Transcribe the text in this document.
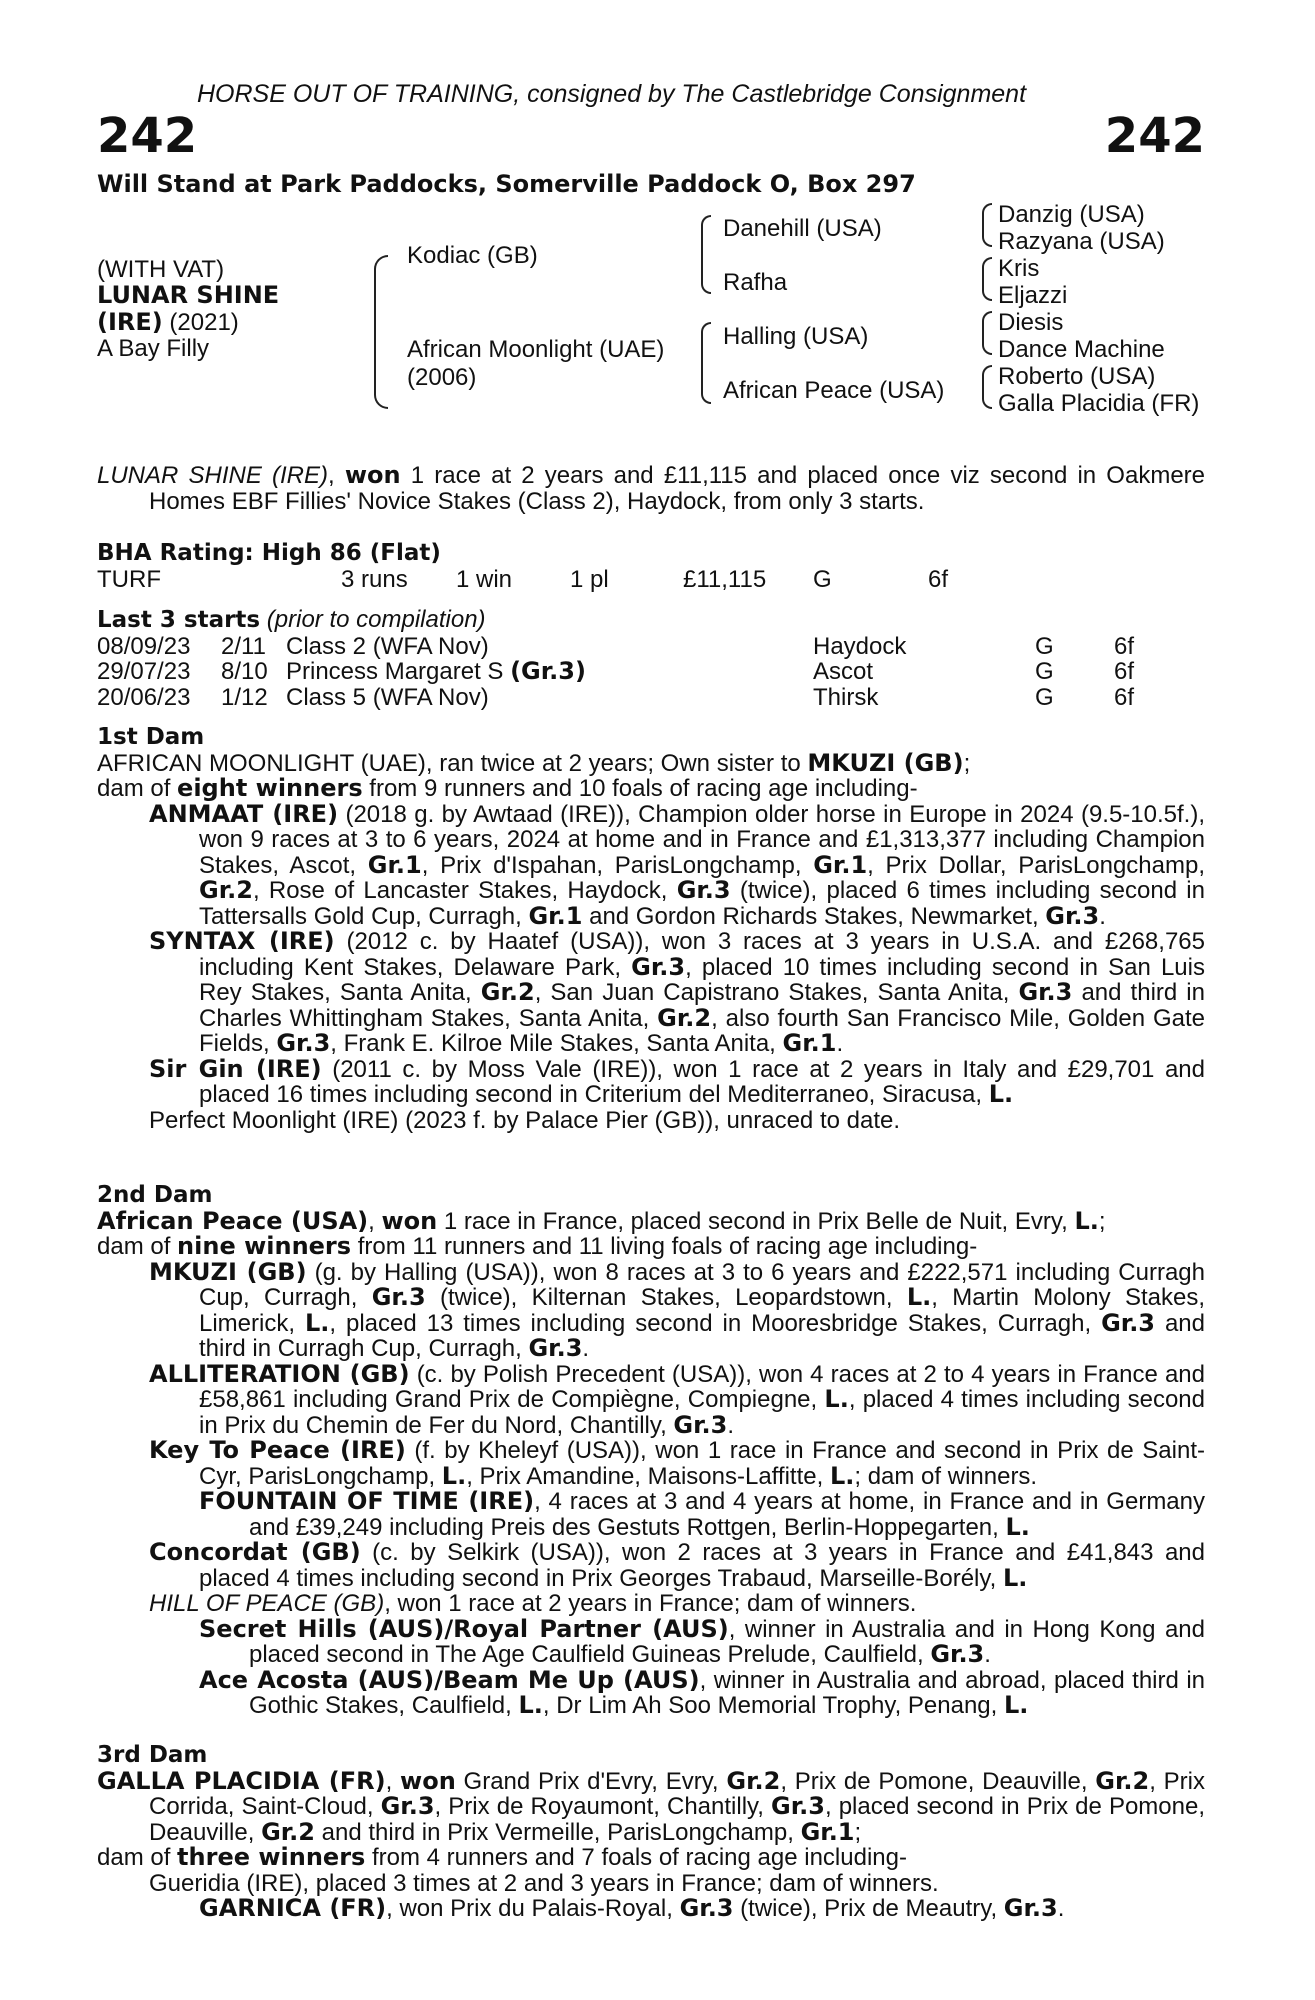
HORSE OUT OF TRAINING, consigned by The Castlebridge Consignment
242	242
Will Stand at Park Paddocks, Somerville Paddock O, Box 297
(WITH VAT)
LUNAR SHINE
(IRE) (2021)
A Bay Filly
Kodiac (GB)
African Moonlight (UAE)
(2006)
Danehill (USA)
Rafha
Halling (USA)
African Peace (USA)
Danzig (USA)
Razyana (USA)
Kris
Eljazzi
Diesis
Dance Machine
Roberto (USA)
Galla Placidia (FR)

LUNAR SHINE (IRE), won 1 race at 2 years and £11,115 and placed once viz second in Oakmere Homes EBF Fillies' Novice Stakes (Class 2), Haydock, from only 3 starts.

BHA Rating: High 86 (Flat)
TURF	3 runs	1 win	1 pl	£11,115	G	6f
Last 3 starts (prior to compilation)
08/09/23	2/11	Class 2 (WFA Nov)	Haydock	G	6f
29/07/23	8/10	Princess Margaret S (Gr.3)	Ascot	G	6f
20/06/23	1/12	Class 5 (WFA Nov)	Thirsk	G	6f
1st Dam

AFRICAN MOONLIGHT (UAE), ran twice at 2 years; Own sister to MKUZI (GB);

dam of eight winners from 9 runners and 10 foals of racing age including-

ANMAAT (IRE) (2018 g. by Awtaad (IRE)), Champion older horse in Europe in 2024 (9.5-10.5f.), won 9 races at 3 to 6 years, 2024 at home and in France and £1,313,377 including Champion Stakes, Ascot, Gr.1, Prix d'Ispahan, ParisLongchamp, Gr.1, Prix Dollar, ParisLongchamp, Gr.2, Rose of Lancaster Stakes, Haydock, Gr.3 (twice), placed 6 times including second in Tattersalls Gold Cup, Curragh, Gr.1 and Gordon Richards Stakes, Newmarket, Gr.3.

SYNTAX (IRE) (2012 c. by Haatef (USA)), won 3 races at 3 years in U.S.A. and £268,765 including Kent Stakes, Delaware Park, Gr.3, placed 10 times including second in San Luis Rey Stakes, Santa Anita, Gr.2, San Juan Capistrano Stakes, Santa Anita, Gr.3 and third in Charles Whittingham Stakes, Santa Anita, Gr.2, also fourth San Francisco Mile, Golden Gate Fields, Gr.3, Frank E. Kilroe Mile Stakes, Santa Anita, Gr.1.

Sir Gin (IRE) (2011 c. by Moss Vale (IRE)), won 1 race at 2 years in Italy and £29,701 and placed 16 times including second in Criterium del Mediterraneo, Siracusa, L.

Perfect Moonlight (IRE) (2023 f. by Palace Pier (GB)), unraced to date.

2nd Dam

African Peace (USA), won 1 race in France, placed second in Prix Belle de Nuit, Evry, L.;

dam of nine winners from 11 runners and 11 living foals of racing age including-

MKUZI (GB) (g. by Halling (USA)), won 8 races at 3 to 6 years and £222,571 including Curragh Cup, Curragh, Gr.3 (twice), Kilternan Stakes, Leopardstown, L., Martin Molony Stakes, Limerick, L., placed 13 times including second in Mooresbridge Stakes, Curragh, Gr.3 and third in Curragh Cup, Curragh, Gr.3.

ALLITERATION (GB) (c. by Polish Precedent (USA)), won 4 races at 2 to 4 years in France and £58,861 including Grand Prix de Compiègne, Compiegne, L., placed 4 times including second in Prix du Chemin de Fer du Nord, Chantilly, Gr.3.

Key To Peace (IRE) (f. by Kheleyf (USA)), won 1 race in France and second in Prix de Saint-Cyr, ParisLongchamp, L., Prix Amandine, Maisons-Laffitte, L.; dam of winners.

FOUNTAIN OF TIME (IRE), 4 races at 3 and 4 years at home, in France and in Germany and £39,249 including Preis des Gestuts Rottgen, Berlin-Hoppegarten, L.

Concordat (GB) (c. by Selkirk (USA)), won 2 races at 3 years in France and £41,843 and placed 4 times including second in Prix Georges Trabaud, Marseille-Borély, L.

HILL OF PEACE (GB), won 1 race at 2 years in France; dam of winners.

Secret Hills (AUS)/Royal Partner (AUS), winner in Australia and in Hong Kong and placed second in The Age Caulfield Guineas Prelude, Caulfield, Gr.3.

Ace Acosta (AUS)/Beam Me Up (AUS), winner in Australia and abroad, placed third in Gothic Stakes, Caulfield, L., Dr Lim Ah Soo Memorial Trophy, Penang, L.

3rd Dam

GALLA PLACIDIA (FR), won Grand Prix d'Evry, Evry, Gr.2, Prix de Pomone, Deauville, Gr.2, Prix Corrida, Saint-Cloud, Gr.3, Prix de Royaumont, Chantilly, Gr.3, placed second in Prix de Pomone, Deauville, Gr.2 and third in Prix Vermeille, ParisLongchamp, Gr.1;

dam of three winners from 4 runners and 7 foals of racing age including-

Gueridia (IRE), placed 3 times at 2 and 3 years in France; dam of winners.

GARNICA (FR), won Prix du Palais-Royal, Gr.3 (twice), Prix de Meautry, Gr.3.
